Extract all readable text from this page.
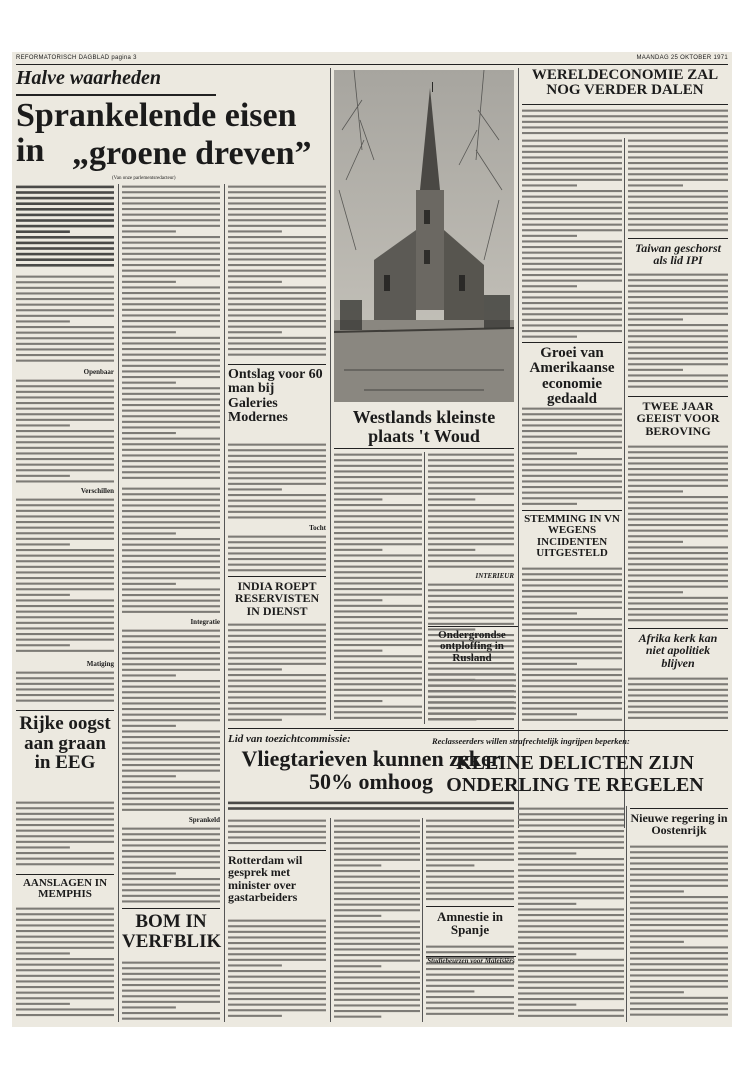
REFORMATORISCH DAGBLAD pagina 3	MAANDAG 25 OKTOBER 1971
Halve waarheden
Sprankelende eisen in „groene dreven”
(Van onze parlementsredacteur)
Openbaar
Verschillen
Matiging
Rijke oogst aan graan in EEG
AANSLAGEN IN MEMPHIS
Integratie
Sprankeld
BOM IN VERFBLIK
Ontslag voor 60 man bij Galeries Modernes
Tocht
INDIA ROEPT RESERVISTEN IN DIENST
Lid van toezichtcommissie:
Vliegtarieven kunnen zeker 50% omhoog
Rotterdam wil gesprek met minister over gastarbeiders
Amnestie in Spanje
Westlands kleinste plaats 't Woud
INTERIEUR
WERELDECONOMIE ZAL NOG VERDER DALEN
Taiwan geschorst als lid IPI
TWEE JAAR GEEIST VOOR BEROVING
Afrika kerk kan niet apolitiek blijven
Groei van Amerikaanse economie gedaald
STEMMING IN VN WEGENS INCIDENTEN UITGESTELD
Ondergrondse ontploffing in Rusland
Reclasseerders willen strafrechtelijk ingrijpen beperken:
KLEINE DELICTEN ZIJN ONDERLING TE REGELEN
Nieuwe regering in Oostenrijk
Studiebeurzen voor Maleisiërs
